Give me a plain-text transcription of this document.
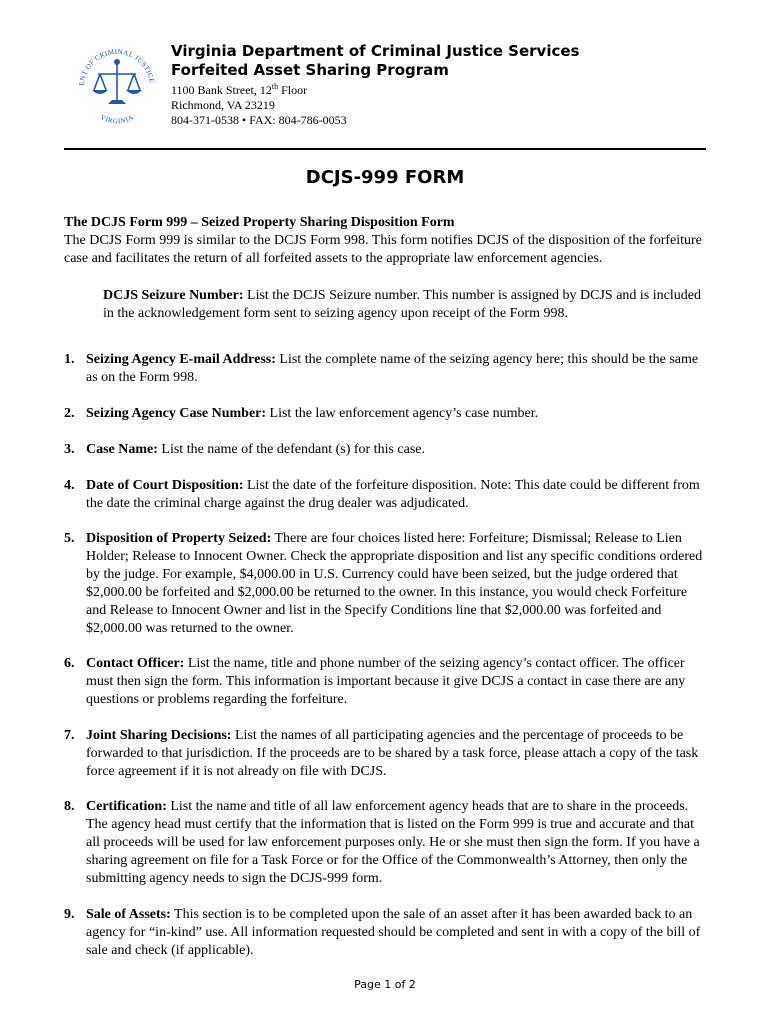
ENT OF CRIMINAL JUSTICE
VIRGINIA
Virginia Department of Criminal Justice Services
Forfeited Asset Sharing Program
1100 Bank Street, 12th Floor
Richmond, VA 23219
804-371-0538 • FAX: 804-786-0053
DCJS-999 FORM
The DCJS Form 999 – Seized Property Sharing Disposition Form
The DCJS Form 999 is similar to the DCJS Form 998. This form notifies DCJS of the disposition of the forfeiture case and facilitates the return of all forfeited assets to the appropriate law enforcement agencies.
DCJS Seizure Number: List the DCJS Seizure number. This number is assigned by DCJS and is included in the acknowledgement form sent to seizing agency upon receipt of the Form 998.
1. Seizing Agency E-mail Address: List the complete name of the seizing agency here; this should be the same as on the Form 998.
2. Seizing Agency Case Number: List the law enforcement agency’s case number.
3. Case Name: List the name of the defendant (s) for this case.
4. Date of Court Disposition: List the date of the forfeiture disposition. Note: This date could be different from the date the criminal charge against the drug dealer was adjudicated.
5. Disposition of Property Seized: There are four choices listed here: Forfeiture; Dismissal; Release to Lien Holder; Release to Innocent Owner. Check the appropriate disposition and list any specific conditions ordered by the judge. For example, $4,000.00 in U.S. Currency could have been seized, but the judge ordered that $2,000.00 be forfeited and $2,000.00 be returned to the owner. In this instance, you would check Forfeiture and Release to Innocent Owner and list in the Specify Conditions line that $2,000.00 was forfeited and $2,000.00 was returned to the owner.
6. Contact Officer: List the name, title and phone number of the seizing agency’s contact officer. The officer must then sign the form. This information is important because it give DCJS a contact in case there are any questions or problems regarding the forfeiture.
7. Joint Sharing Decisions: List the names of all participating agencies and the percentage of proceeds to be forwarded to that jurisdiction. If the proceeds are to be shared by a task force, please attach a copy of the task force agreement if it is not already on file with DCJS.
8. Certification: List the name and title of all law enforcement agency heads that are to share in the proceeds. The agency head must certify that the information that is listed on the Form 999 is true and accurate and that all proceeds will be used for law enforcement purposes only. He or she must then sign the form. If you have a sharing agreement on file for a Task Force or for the Office of the Commonwealth’s Attorney, then only the submitting agency needs to sign the DCJS-999 form.
9. Sale of Assets: This section is to be completed upon the sale of an asset after it has been awarded back to an agency for “in-kind” use. All information requested should be completed and sent in with a copy of the bill of sale and check (if applicable).
Page 1 of 2
